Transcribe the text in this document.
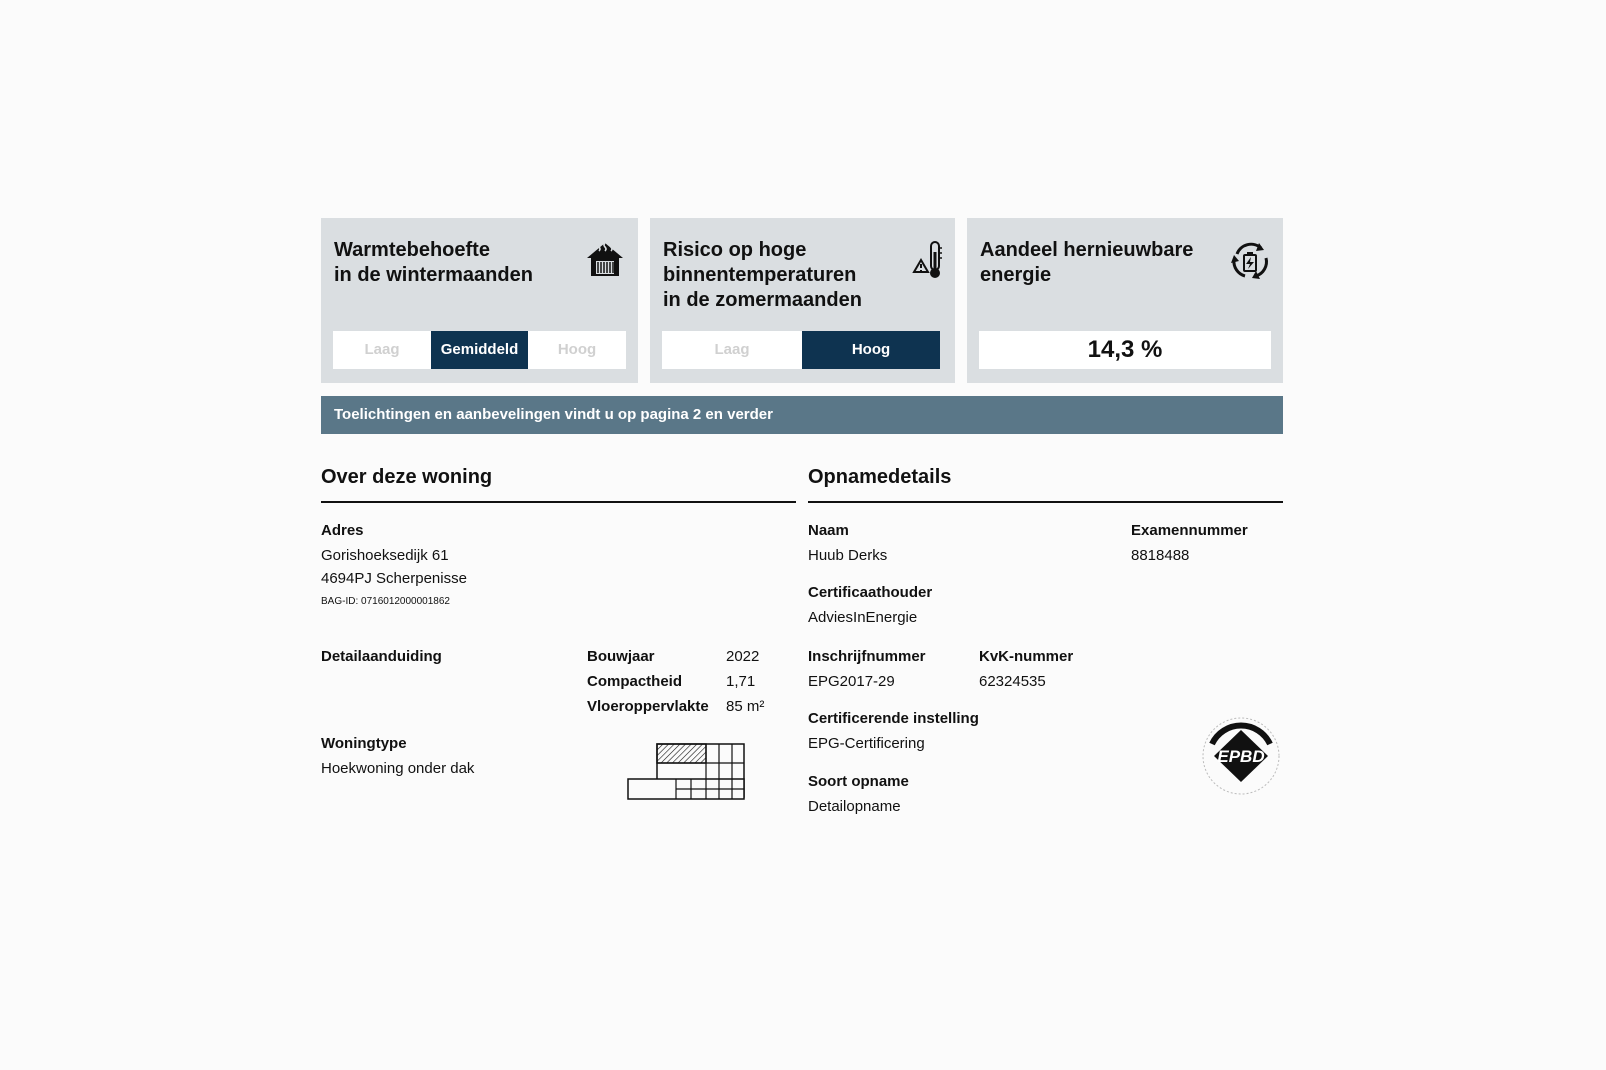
Warmtebehoefte
in de wintermaanden
Laag	Gemiddeld	Hoog
Risico op hoge
binnentemperaturen
in de zomermaanden
Laag	Hoog
Aandeel hernieuwbare
energie
14,3 %
Toelichtingen en aanbevelingen vindt u op pagina 2 en verder
Over deze woning
Adres
Gorishoeksedijk 61
4694PJ Scherpenisse
BAG-ID: 0716012000001862
Detailaanduiding	Bouwjaar	2022
Compactheid	1,71
Vloeroppervlakte 85 m²
Woningtype
Hoekwoning onder dak
Opnamedetails
Naam
Huub Derks
Examennummer
8818488
Certificaathouder
AdviesInEnergie
Inschrijfnummer
EPG2017-29
KvK-nummer
62324535
Certificerende instelling
EPG-Certificering
Soort opname
Detailopname
EPBD
